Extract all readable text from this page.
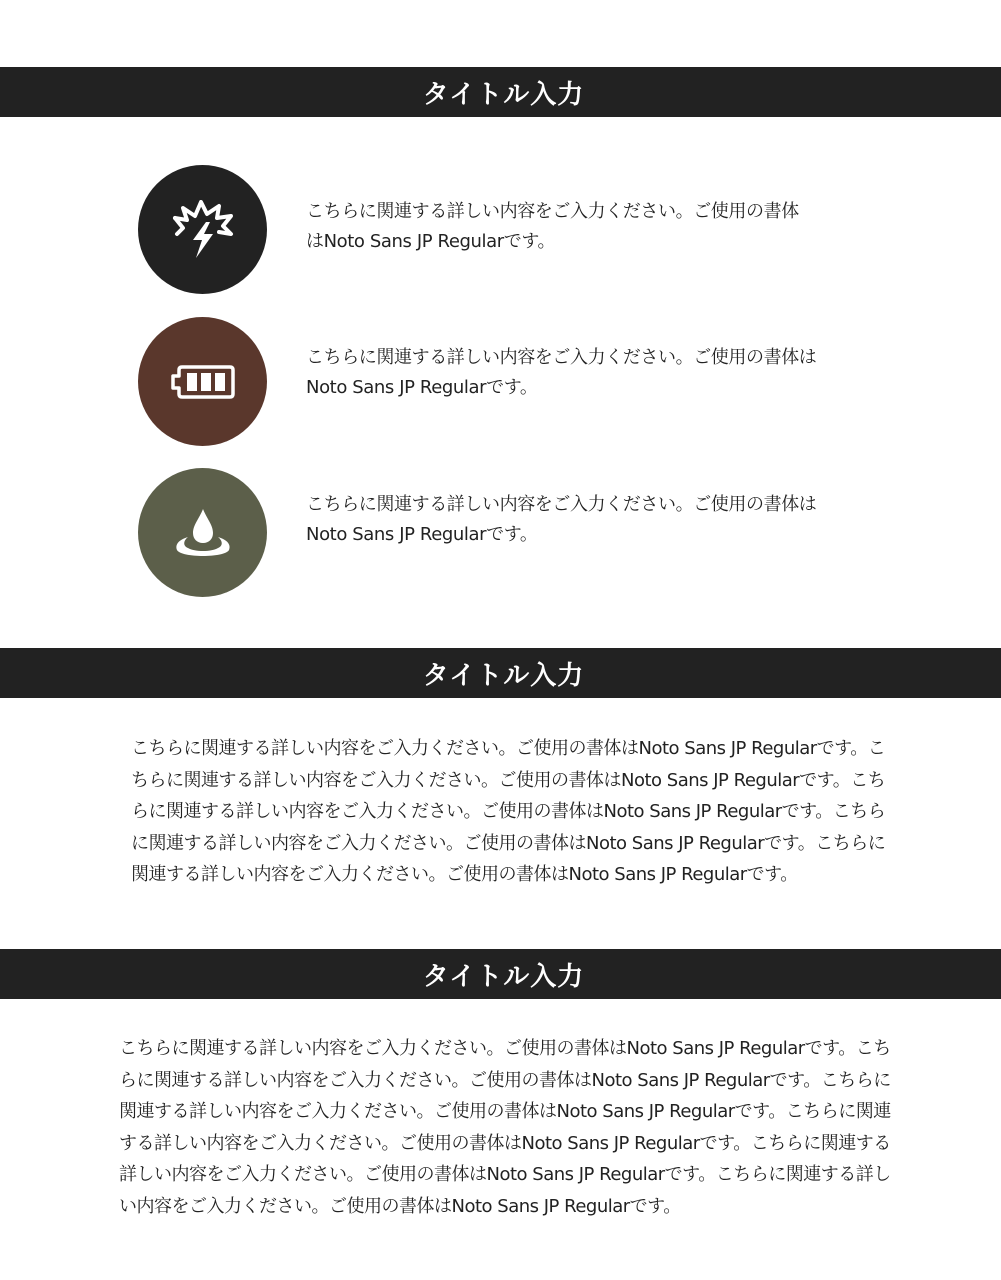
タイトル入力
こちらに関連する詳しい内容をご入力ください。ご使用の書体
はNoto Sans JP Regularです。
こちらに関連する詳しい内容をご入力ください。ご使用の書体は
Noto Sans JP Regularです。
こちらに関連する詳しい内容をご入力ください。ご使用の書体は
Noto Sans JP Regularです。
タイトル入力

こちらに関連する詳しい内容をご入力ください。ご使用の書体はNoto Sans JP Regularです。こちらに関連する詳しい内容をご入力ください。ご使用の書体はNoto Sans JP Regularです。こちらに関連する詳しい内容をご入力ください。ご使用の書体はNoto Sans JP Regularです。こちらに関連する詳しい内容をご入力ください。ご使用の書体はNoto Sans JP Regularです。こちらに関連する詳しい内容をご入力ください。ご使用の書体はNoto Sans JP Regularです。

タイトル入力

こちらに関連する詳しい内容をご入力ください。ご使用の書体はNoto Sans JP Regularです。こちらに関連する詳しい内容をご入力ください。ご使用の書体はNoto Sans JP Regularです。こちらに関連する詳しい内容をご入力ください。ご使用の書体はNoto Sans JP Regularです。こちらに関連する詳しい内容をご入力ください。ご使用の書体はNoto Sans JP Regularです。こちらに関連する詳しい内容をご入力ください。ご使用の書体はNoto Sans JP Regularです。こちらに関連する詳しい内容をご入力ください。ご使用の書体はNoto Sans JP Regularです。
